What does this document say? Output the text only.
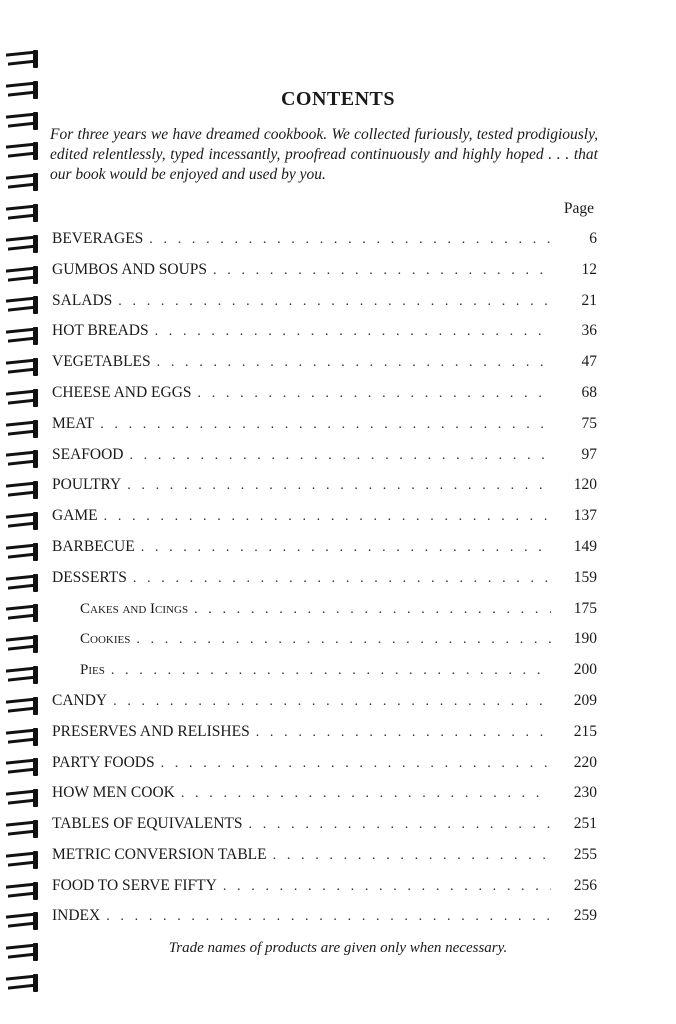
CONTENTS
For three years we have dreamed cookbook. We collected furiously, tested prodigiously, edited relentlessly, typed incessantly, proofread continuously and highly hoped . . . that our book would be enjoyed and used by you.
Page
BEVERAGES . . .	6
GUMBOS AND SOUPS . . .	12
SALADS . . .	21
HOT BREADS . . .	36
VEGETABLES . . .	47
CHEESE AND EGGS . . .	68
MEAT . . .	75
SEAFOOD . . .	97
POULTRY . . .	120
GAME . . .	137
BARBECUE . . .	149
DESSERTS . . .	159
Cakes and Icings . . .	175
Cookies . . .	190
Pies . . .	200
CANDY . . .	209
PRESERVES AND RELISHES . . .	215
PARTY FOODS . . .	220
HOW MEN COOK . . .	230
TABLES OF EQUIVALENTS . . .	251
METRIC CONVERSION TABLE . . .	255
FOOD TO SERVE FIFTY . . .	256
INDEX . . .	259
Trade names of products are given only when necessary.
